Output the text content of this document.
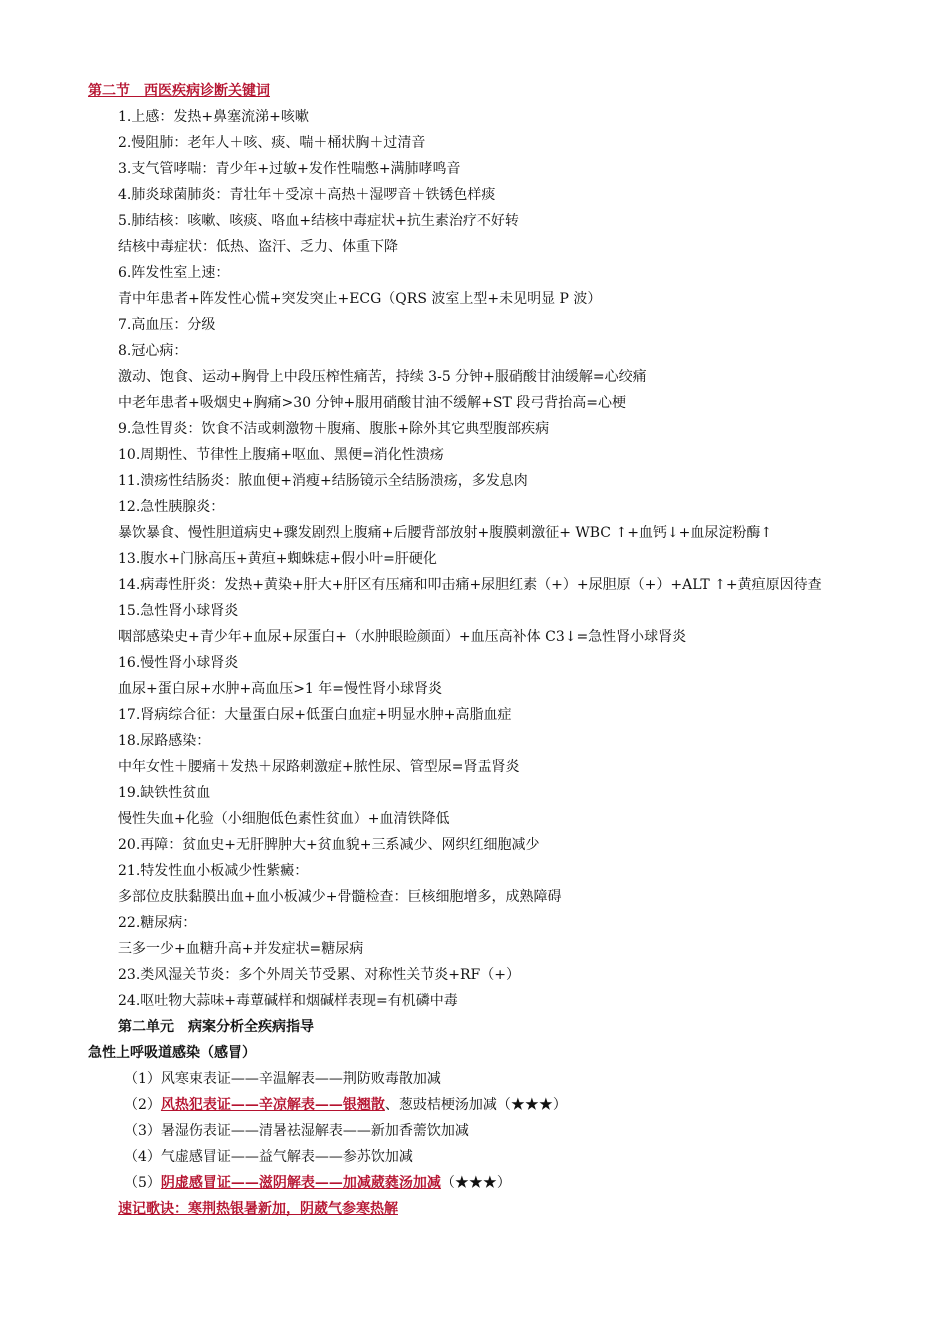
第二节　西医疾病诊断关键词
1.上感：发热+鼻塞流涕+咳嗽
2.慢阻肺：老年人＋咳、痰、喘＋桶状胸＋过清音
3.支气管哮喘：青少年+过敏+发作性喘憋+满肺哮鸣音
4.肺炎球菌肺炎：青壮年＋受凉＋高热＋湿啰音＋铁锈色样痰
5.肺结核：咳嗽、咳痰、咯血+结核中毒症状+抗生素治疗不好转
结核中毒症状：低热、盗汗、乏力、体重下降
6.阵发性室上速：
青中年患者+阵发性心慌+突发突止+ECG（QRS 波室上型+未见明显 P 波）
7.高血压：分级
8.冠心病：
激动、饱食、运动+胸骨上中段压榨性痛苦，持续 3-5 分钟+服硝酸甘油缓解=心绞痛
中老年患者+吸烟史+胸痛>30 分钟+服用硝酸甘油不缓解+ST 段弓背抬高=心梗
9.急性胃炎：饮食不洁或刺激物＋腹痛、腹胀+除外其它典型腹部疾病
10.周期性、节律性上腹痛+呕血、黑便=消化性溃疡
11.溃疡性结肠炎：脓血便+消瘦+结肠镜示全结肠溃疡，多发息肉
12.急性胰腺炎：
暴饮暴食、慢性胆道病史+骤发剧烈上腹痛+后腰背部放射+腹膜刺激征+ WBC ↑+血钙↓+血尿淀粉酶↑
13.腹水+门脉高压+黄疸+蜘蛛痣+假小叶=肝硬化
14.病毒性肝炎：发热+黄染+肝大+肝区有压痛和叩击痛+尿胆红素（+）+尿胆原（+）+ALT ↑+黄疸原因待查
15.急性肾小球肾炎
咽部感染史+青少年+血尿+尿蛋白+（水肿眼睑颜面）+血压高补体 C3↓=急性肾小球肾炎
16.慢性肾小球肾炎
血尿+蛋白尿+水肿+高血压>1 年=慢性肾小球肾炎
17.肾病综合征：大量蛋白尿+低蛋白血症+明显水肿+高脂血症
18.尿路感染：
中年女性＋腰痛＋发热＋尿路刺激症+脓性尿、管型尿=肾盂肾炎
19.缺铁性贫血
慢性失血+化验（小细胞低色素性贫血）+血清铁降低
20.再障：贫血史+无肝脾肿大+贫血貌+三系减少、网织红细胞减少
21.特发性血小板减少性紫癜：
多部位皮肤黏膜出血+血小板减少+骨髓检查：巨核细胞增多，成熟障碍
22.糖尿病：
三多一少+血糖升高+并发症状=糖尿病
23.类风湿关节炎：多个外周关节受累、对称性关节炎+RF（+）
24.呕吐物大蒜味+毒蕈碱样和烟碱样表现=有机磷中毒
第二单元　病案分析全疾病指导
急性上呼吸道感染（感冒）
（1）风寒束表证——辛温解表——荆防败毒散加减
（2）风热犯表证——辛凉解表——银翘散、葱豉桔梗汤加减（★★★）
（3）暑湿伤表证——清暑祛湿解表——新加香薷饮加减
（4）气虚感冒证——益气解表——参苏饮加减
（5）阴虚感冒证——滋阴解表——加减葳蕤汤加减（★★★）
速记歌诀：寒荆热银暑新加，阴葳气参寒热解
